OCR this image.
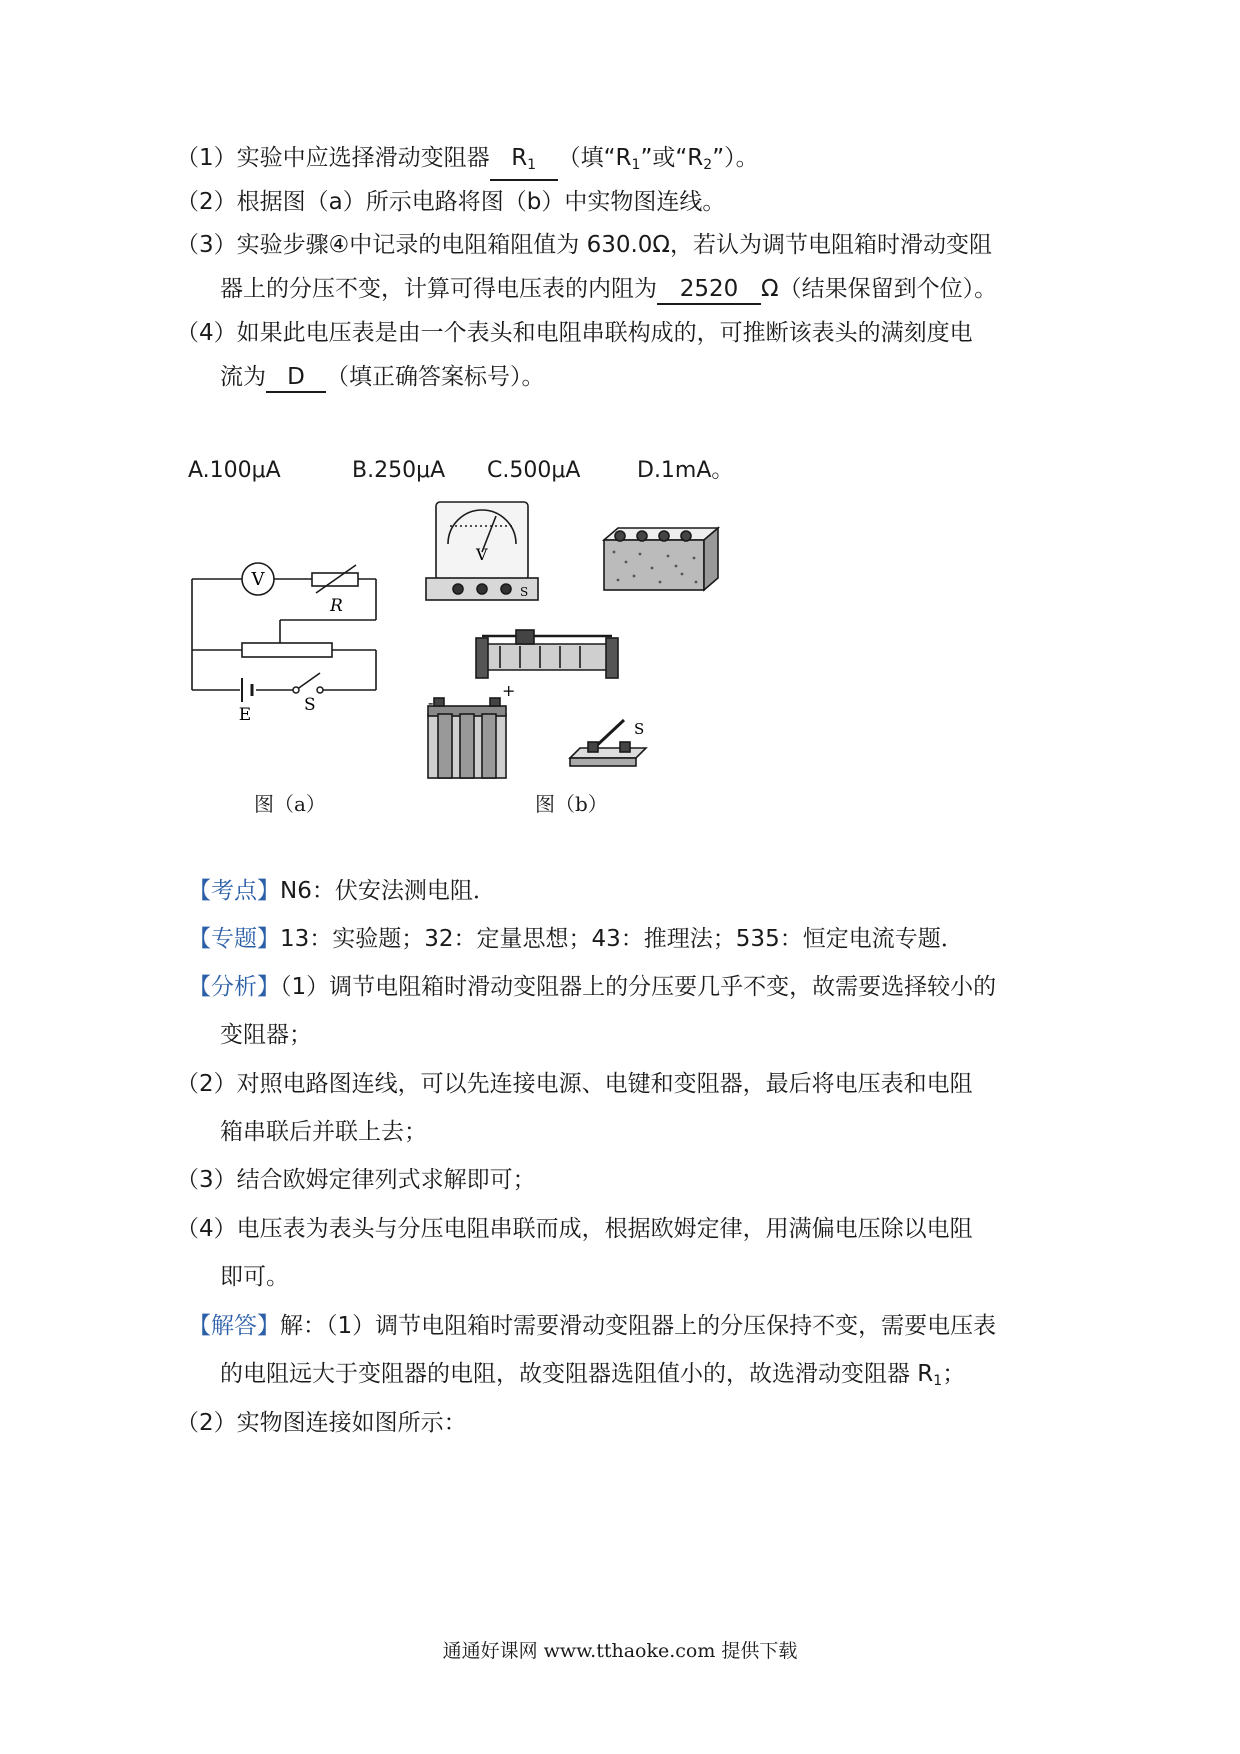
（1）实验中应选择滑动变阻器 $R_1$ （填“$R_1$”或“$R_2$”）。
（2）根据图（a）所示电路将图（b）中实物图连线。
（3）实验步骤④中记录的电阻箱阻值为 630.0Ω，若认为调节电阻箱时滑动变阻
器上的分压不变，计算可得电压表的内阻为 2520 Ω（结果保留到个位）。
（4）如果此电压表是由一个表头和电阻串联构成的，可推断该表头的满刻度电
流为 D （填正确答案标号）。
A.100μA	B.250μA C.500μA	D.1mA。
V
R
E	S
图（a）
V
S
-
+
S
图（b）
【考点】N6：伏安法测电阻．
【专题】13：实验题；32：定量思想；43：推理法；535：恒定电流专题．
【分析】（1）调节电阻箱时滑动变阻器上的分压要几乎不变，故需要选择较小的
变阻器；
（2）对照电路图连线，可以先连接电源、电键和变阻器，最后将电压表和电阻
箱串联后并联上去；
（3）结合欧姆定律列式求解即可；
（4）电压表为表头与分压电阻串联而成，根据欧姆定律，用满偏电压除以电阻
即可。
【解答】解：（1）调节电阻箱时需要滑动变阻器上的分压保持不变，需要电压表
的电阻远大于变阻器的电阻，故变阻器选阻值小的，故选滑动变阻器 $R_1$；
（2）实物图连接如图所示：
通通好课网 www.tthaoke.com 提供下载
